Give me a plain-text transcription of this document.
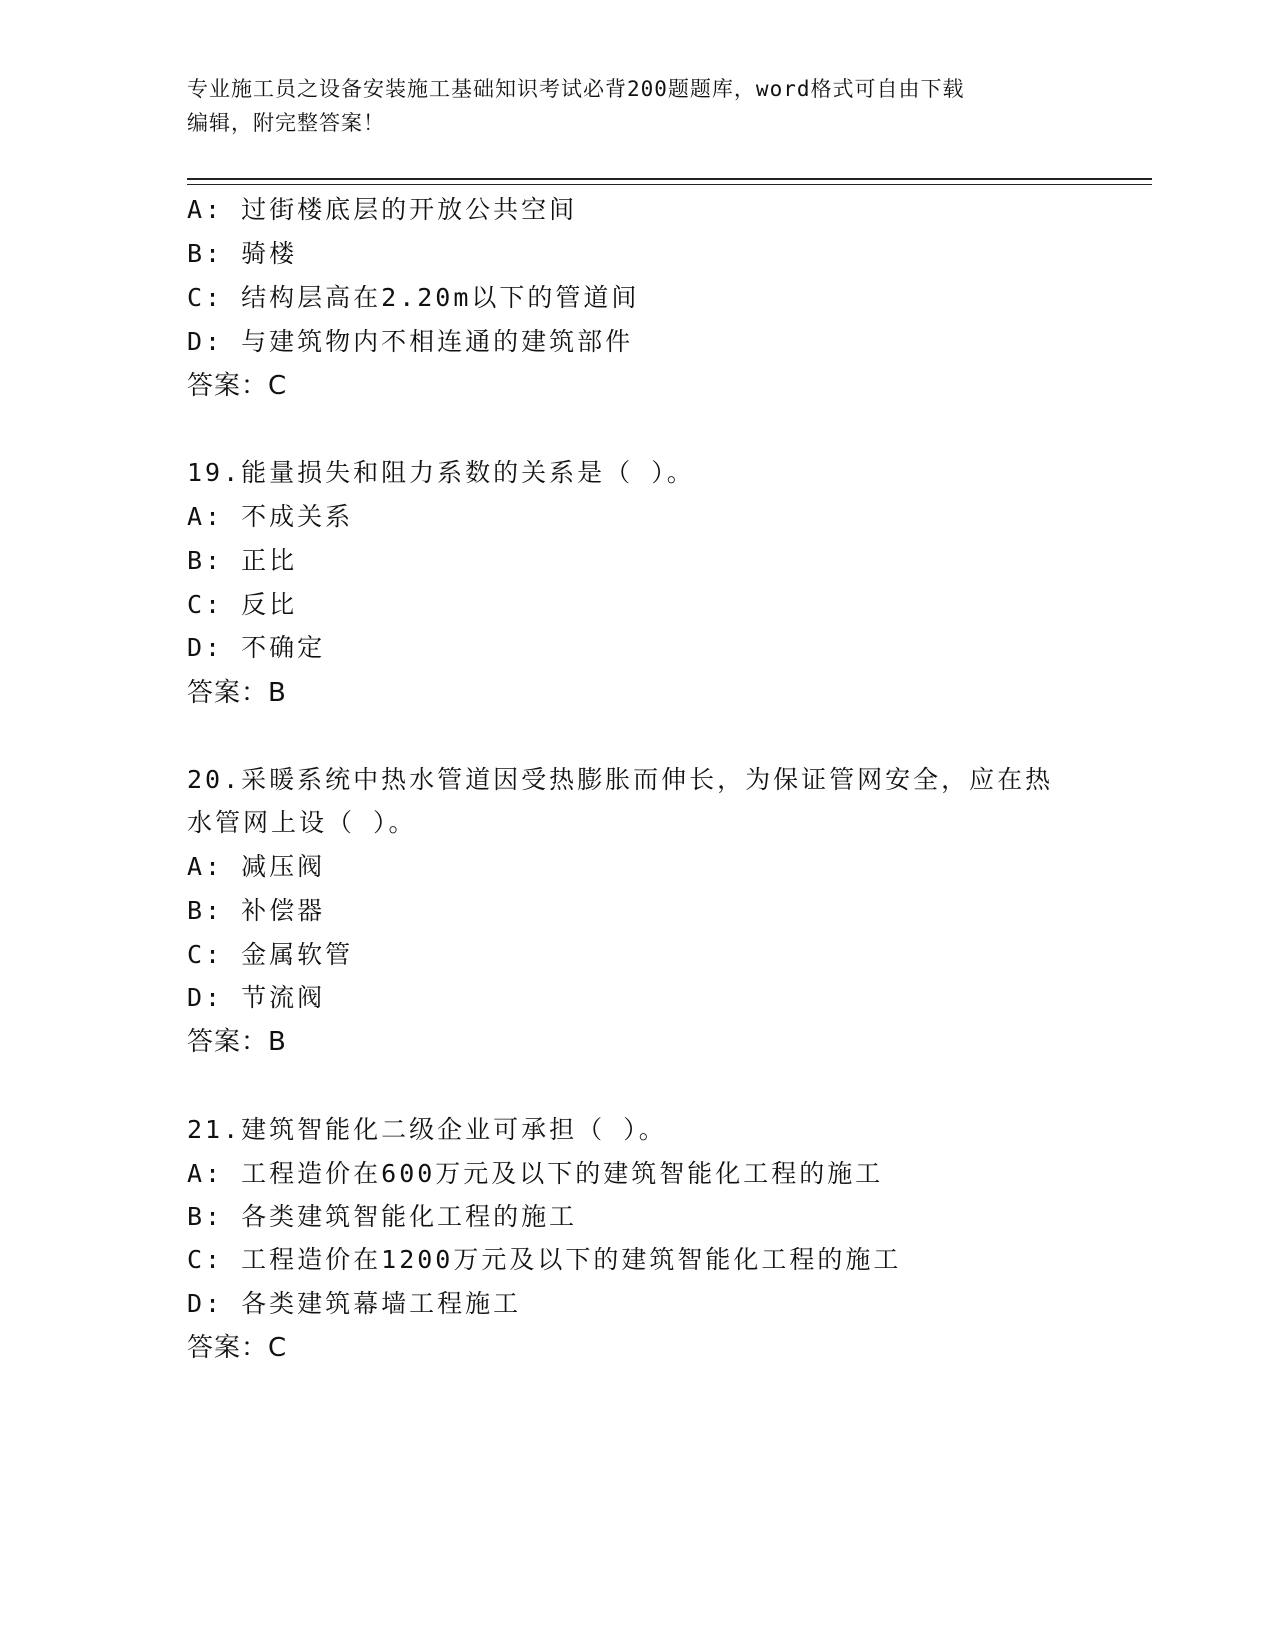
专业施工员之设备安装施工基础知识考试必背200题题库，word格式可自由下载
编辑，附完整答案！
A: 过街楼底层的开放公共空间
B: 骑楼
C: 结构层高在2.20m以下的管道间
D: 与建筑物内不相连通的建筑部件
答案：C
19.能量损失和阻力系数的关系是（ ）。
A: 不成关系
B: 正比
C: 反比
D: 不确定
答案：B
20.采暖系统中热水管道因受热膨胀而伸长，为保证管网安全，应在热
水管网上设（ ）。
A: 减压阀
B: 补偿器
C: 金属软管
D: 节流阀
答案：B
21.建筑智能化二级企业可承担（ ）。
A: 工程造价在600万元及以下的建筑智能化工程的施工
B: 各类建筑智能化工程的施工
C: 工程造价在1200万元及以下的建筑智能化工程的施工
D: 各类建筑幕墙工程施工
答案：C
